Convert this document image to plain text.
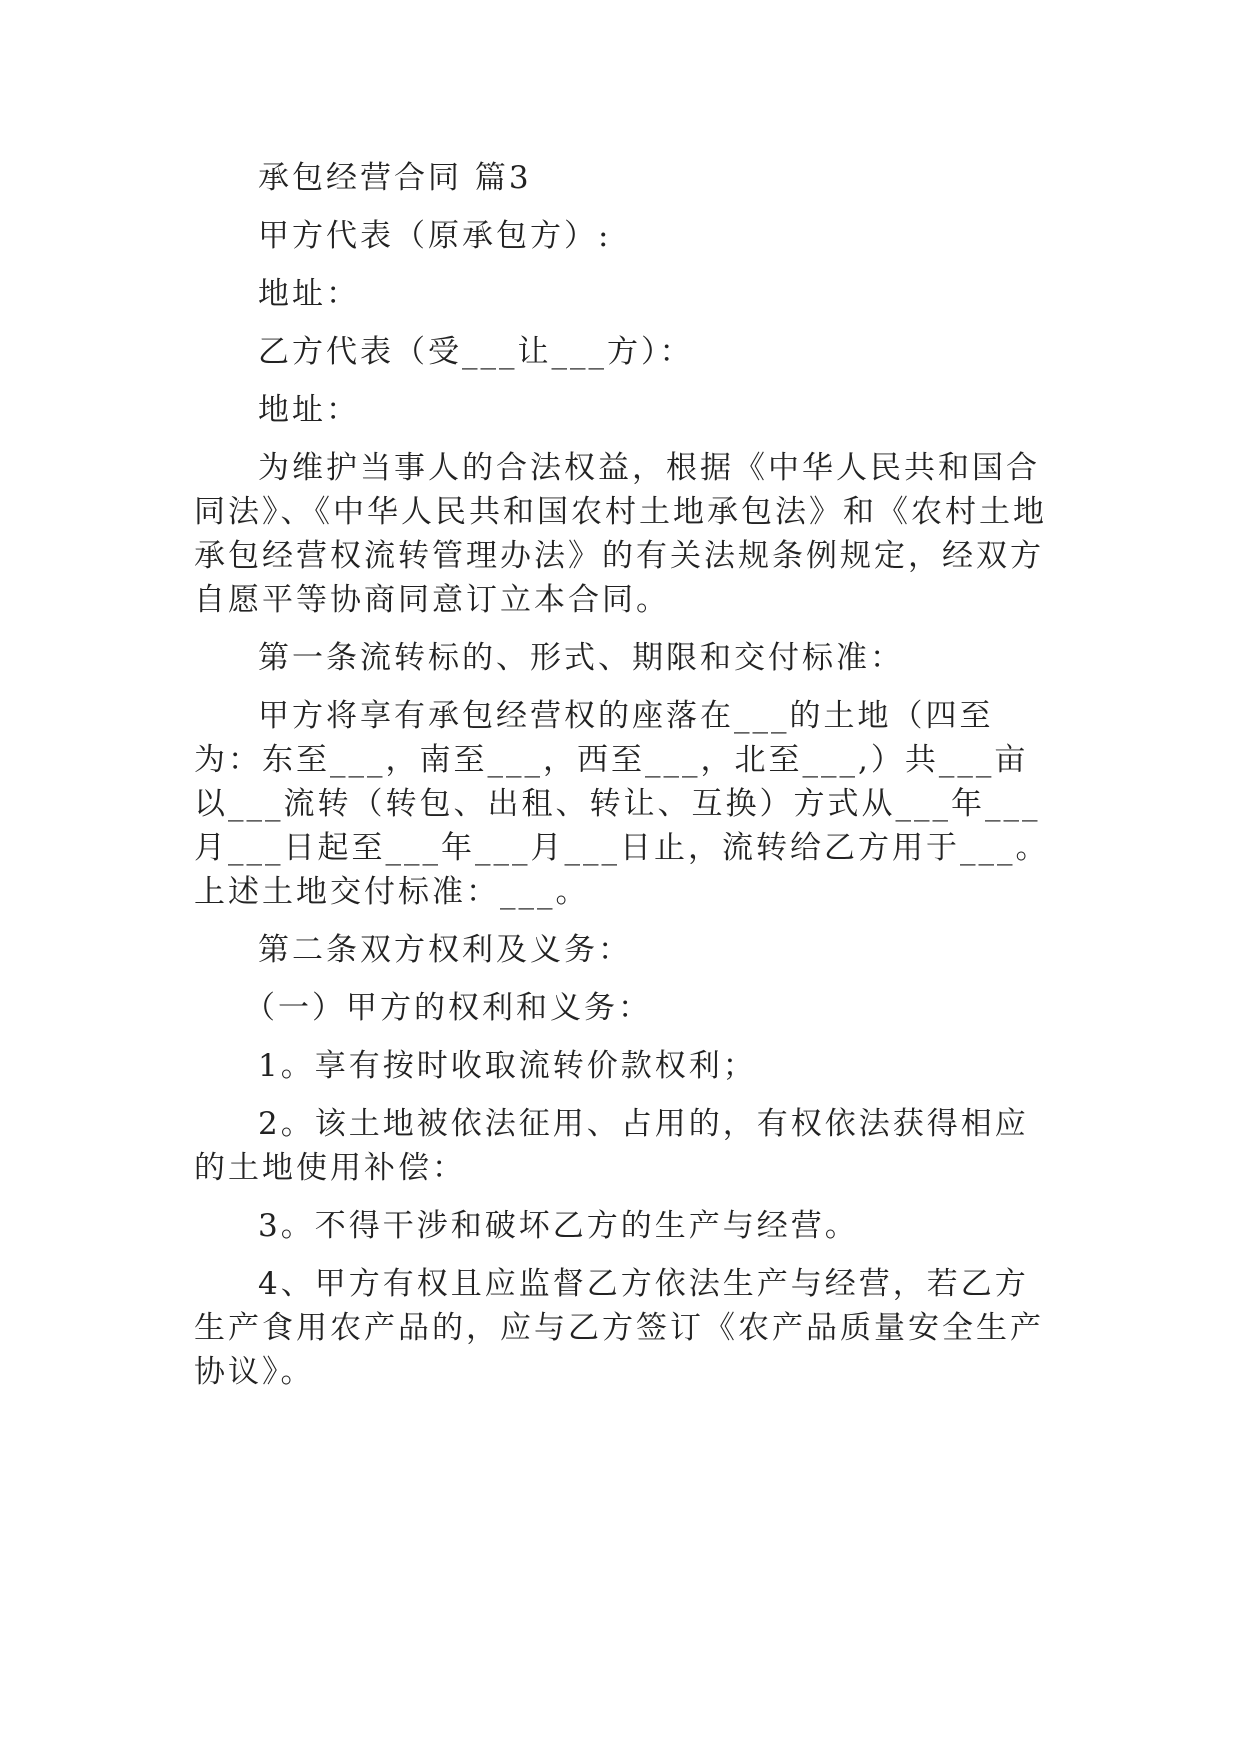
承包经营合同 篇3

甲方代表（原承包方）:

地址：

乙方代表（受___让___方）：

地址：

为维护当事人的合法权益，根据《中华人民共和国合同法》、《中华人民共和国农村土地承包法》和《农村土地承包经营权流转管理办法》的有关法规条例规定，经双方自愿平等协商同意订立本合同。

第一条流转标的、形式、期限和交付标准：

甲方将享有承包经营权的座落在___的土地（四至为：东至___，南至___，西至___，北至___,）共___亩以___流转（转包、出租、转让、互换）方式从___年___月___日起至___年___月___日止，流转给乙方用于___。上述土地交付标准：___。

第二条双方权利及义务：

（一）甲方的权利和义务：

1。享有按时收取流转价款权利；

2。该土地被依法征用、占用的，有权依法获得相应的土地使用补偿：

3。不得干涉和破坏乙方的生产与经营。

4、甲方有权且应监督乙方依法生产与经营，若乙方生产食用农产品的，应与乙方签订《农产品质量安全生产协议》。
